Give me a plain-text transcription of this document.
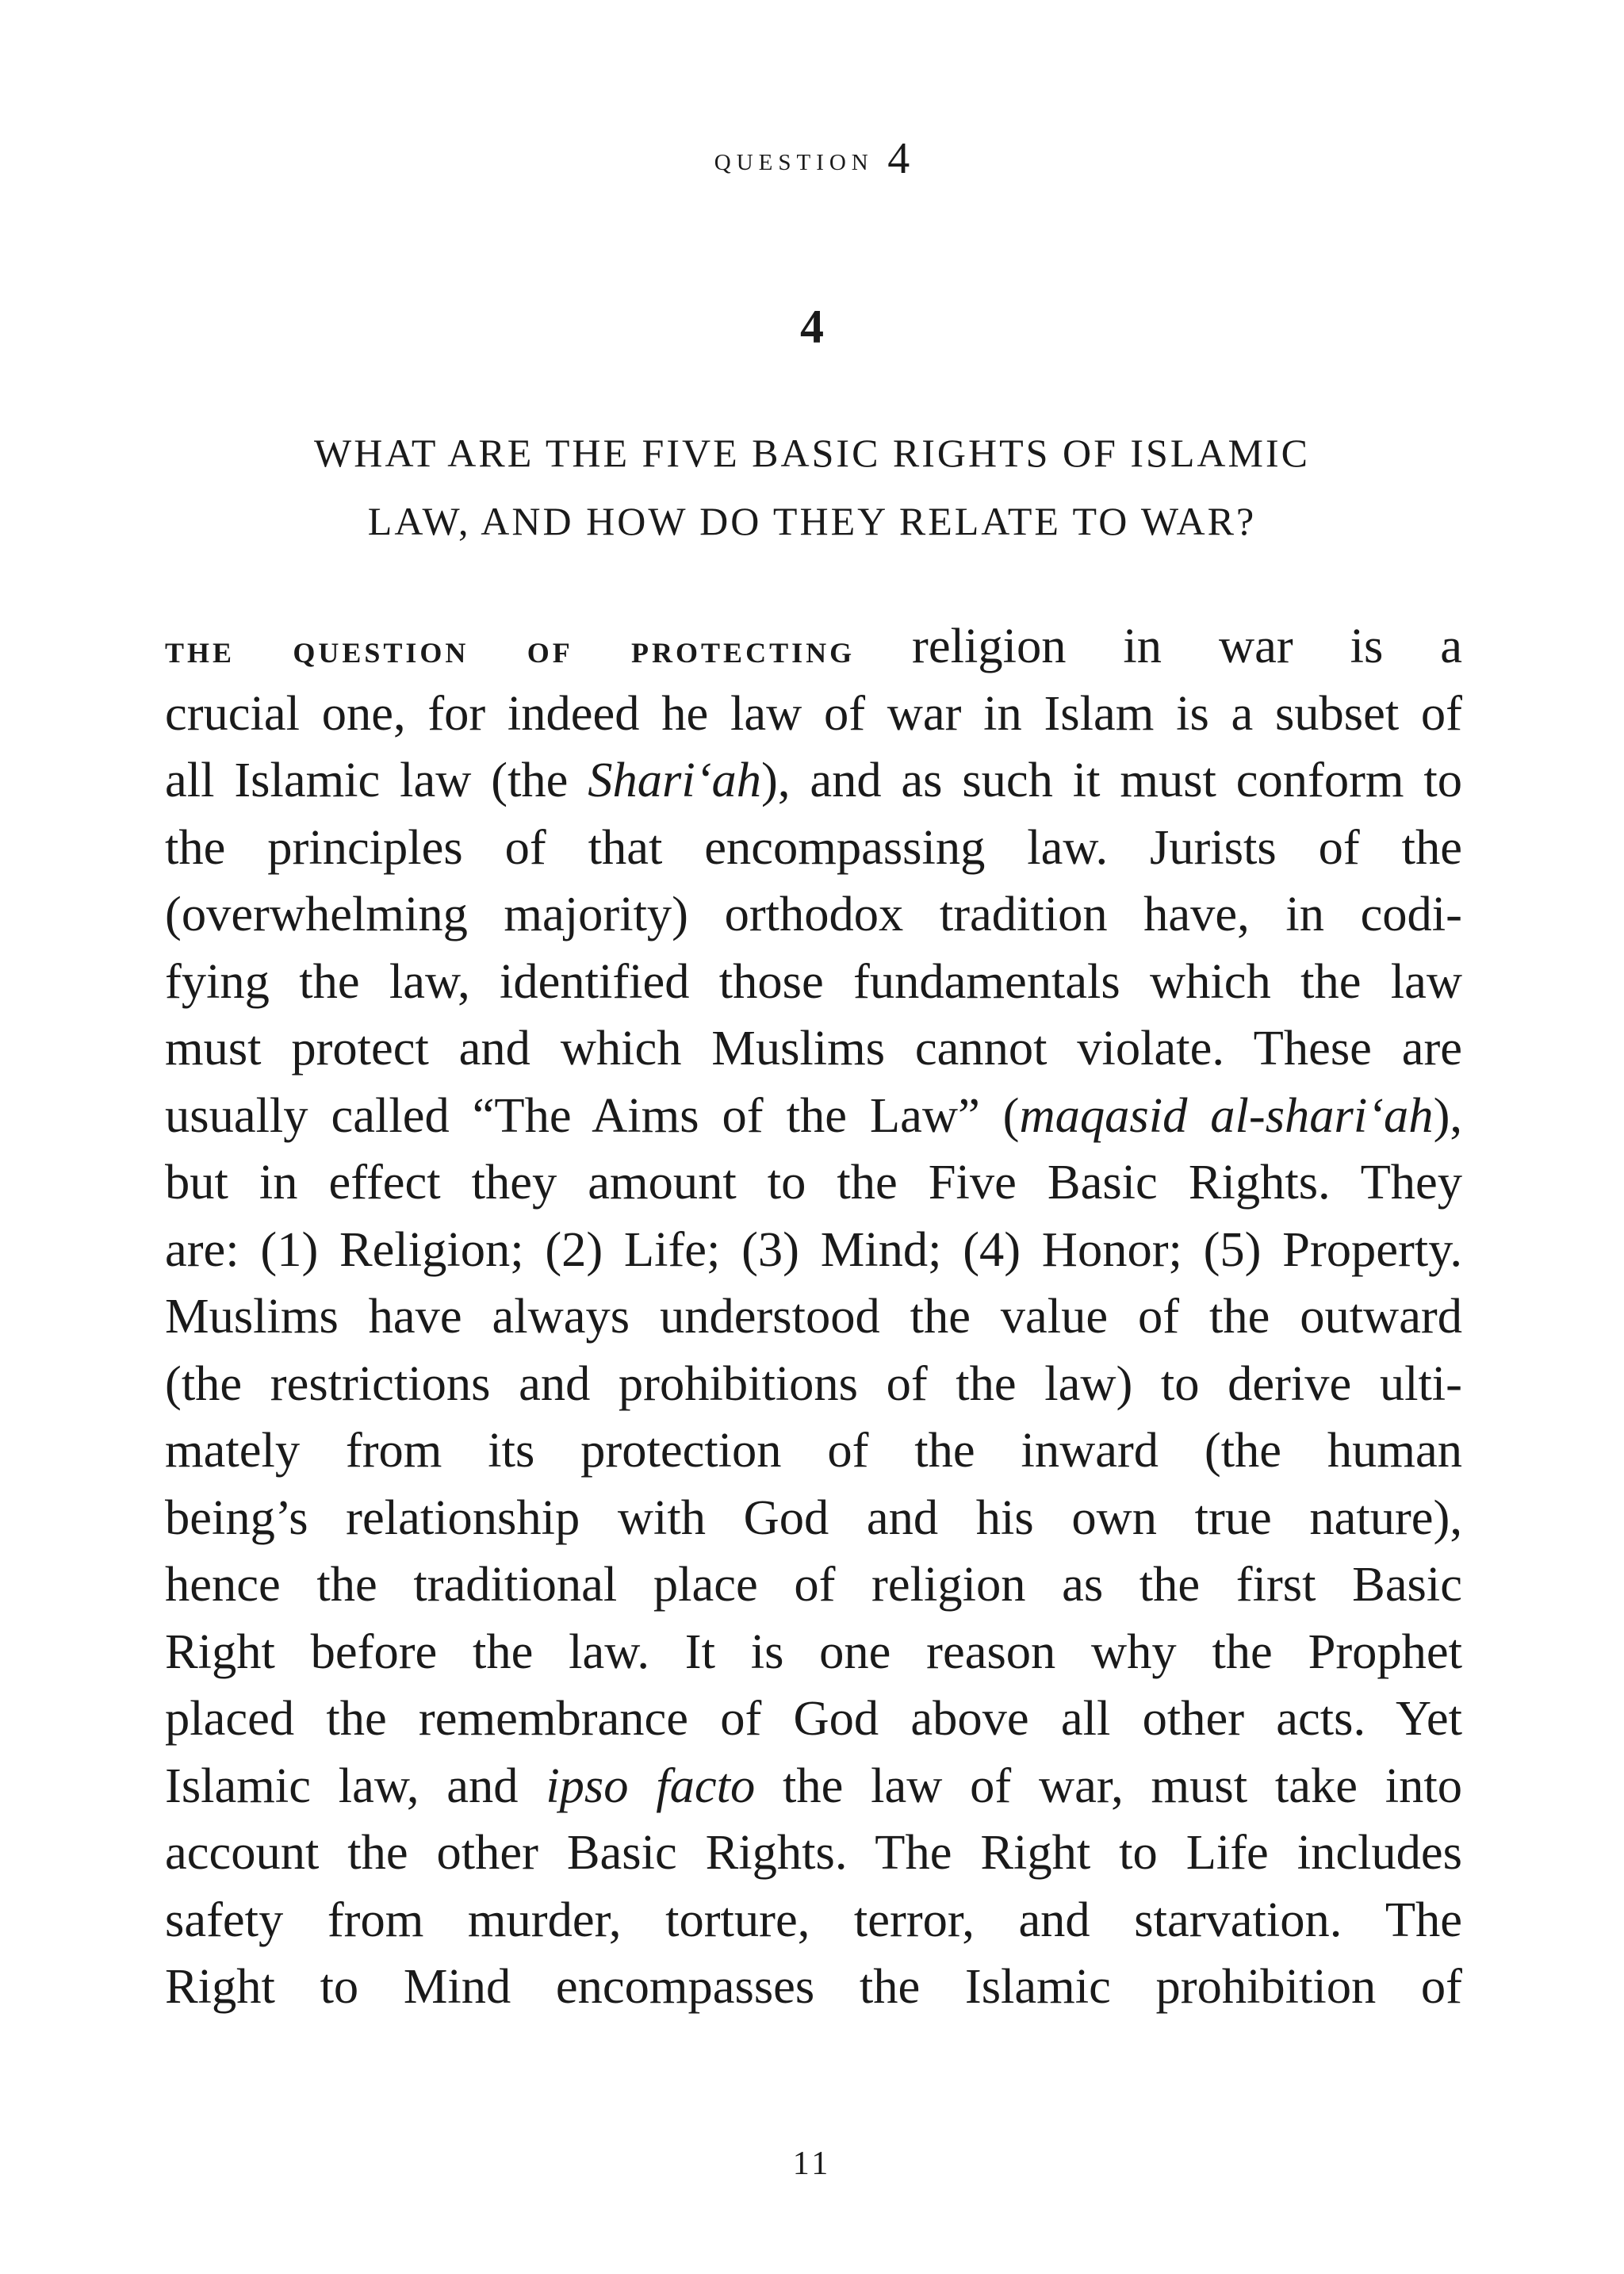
question 4
4
WHAT ARE THE FIVE BASIC RIGHTS OF ISLAMIC
LAW, AND HOW DO THEY RELATE TO WAR?
the question of protecting religion in war is a
crucial one, for indeed he law of war in Islam is a subset of
all Islamic law (the Shari‘ah), and as such it must conform to
the principles of that encompassing law. Jurists of the
(overwhelming majority) orthodox tradition have, in codi-
fying the law, identified those fundamentals which the law
must protect and which Muslims cannot violate. These are
usually called “The Aims of the Law” (maqasid al-shari‘ah),
but in effect they amount to the Five Basic Rights. They
are: (1) Religion; (2) Life; (3) Mind; (4) Honor; (5) Property.
Muslims have always understood the value of the outward
(the restrictions and prohibitions of the law) to derive ulti-
mately from its protection of the inward (the human
being’s relationship with God and his own true nature),
hence the traditional place of religion as the first Basic
Right before the law. It is one reason why the Prophet
placed the remembrance of God above all other acts. Yet
Islamic law, and ipso facto the law of war, must take into
account the other Basic Rights. The Right to Life includes
safety from murder, torture, terror, and starvation. The
Right to Mind encompasses the Islamic prohibition of
11
